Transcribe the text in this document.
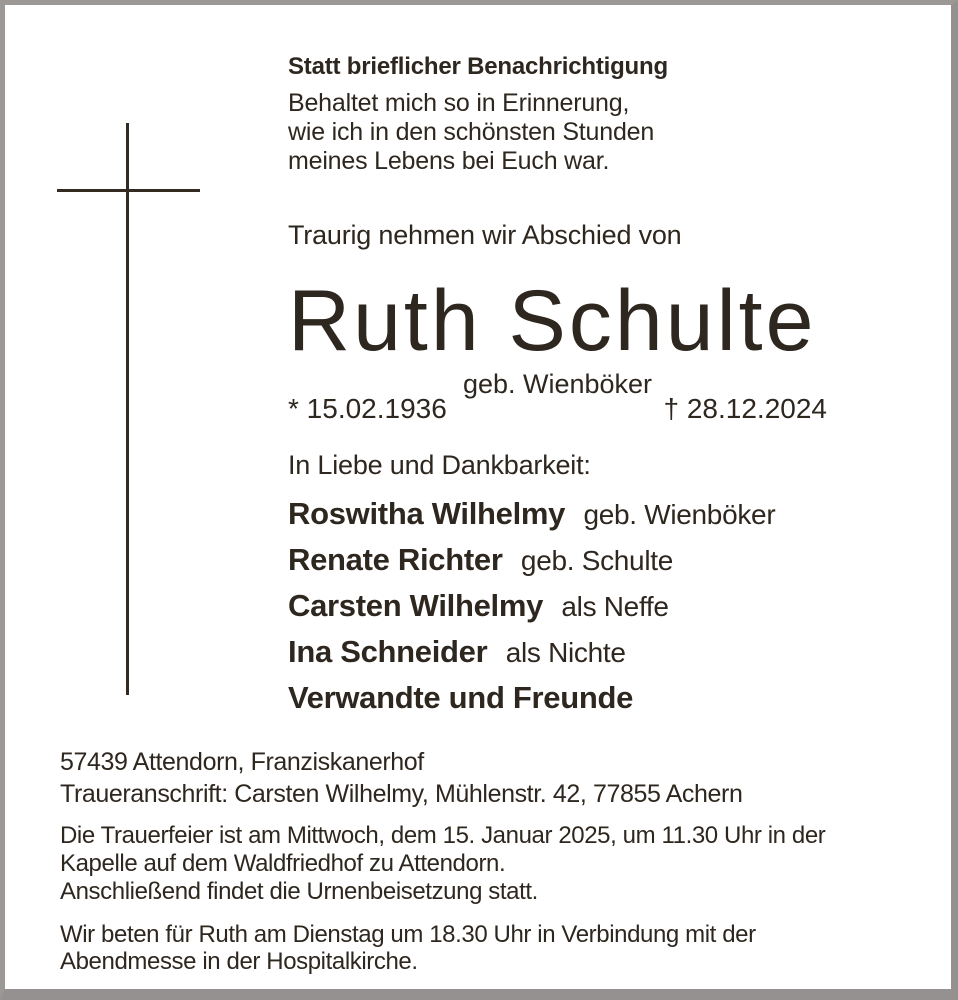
Statt brieflicher Benachrichtigung
Behaltet mich so in Erinnerung,
wie ich in den schönsten Stunden
meines Lebens bei Euch war.
Traurig nehmen wir Abschied von
Ruth Schulte
geb. Wienböker
* 15.02.1936	† 28.12.2024
In Liebe und Dankbarkeit:
Roswitha Wilhelmy geb. Wienböker
Renate Richter geb. Schulte
Carsten Wilhelmy als Neffe
Ina Schneider als Nichte
Verwandte und Freunde
57439 Attendorn, Franziskanerhof
Traueranschrift: Carsten Wilhelmy, Mühlenstr. 42, 77855 Achern
Die Trauerfeier ist am Mittwoch, dem 15. Januar 2025, um 11.30 Uhr in der
Kapelle auf dem Waldfriedhof zu Attendorn.
Anschließend findet die Urnenbeisetzung statt.
Wir beten für Ruth am Dienstag um 18.30 Uhr in Verbindung mit der
Abendmesse in der Hospitalkirche.
